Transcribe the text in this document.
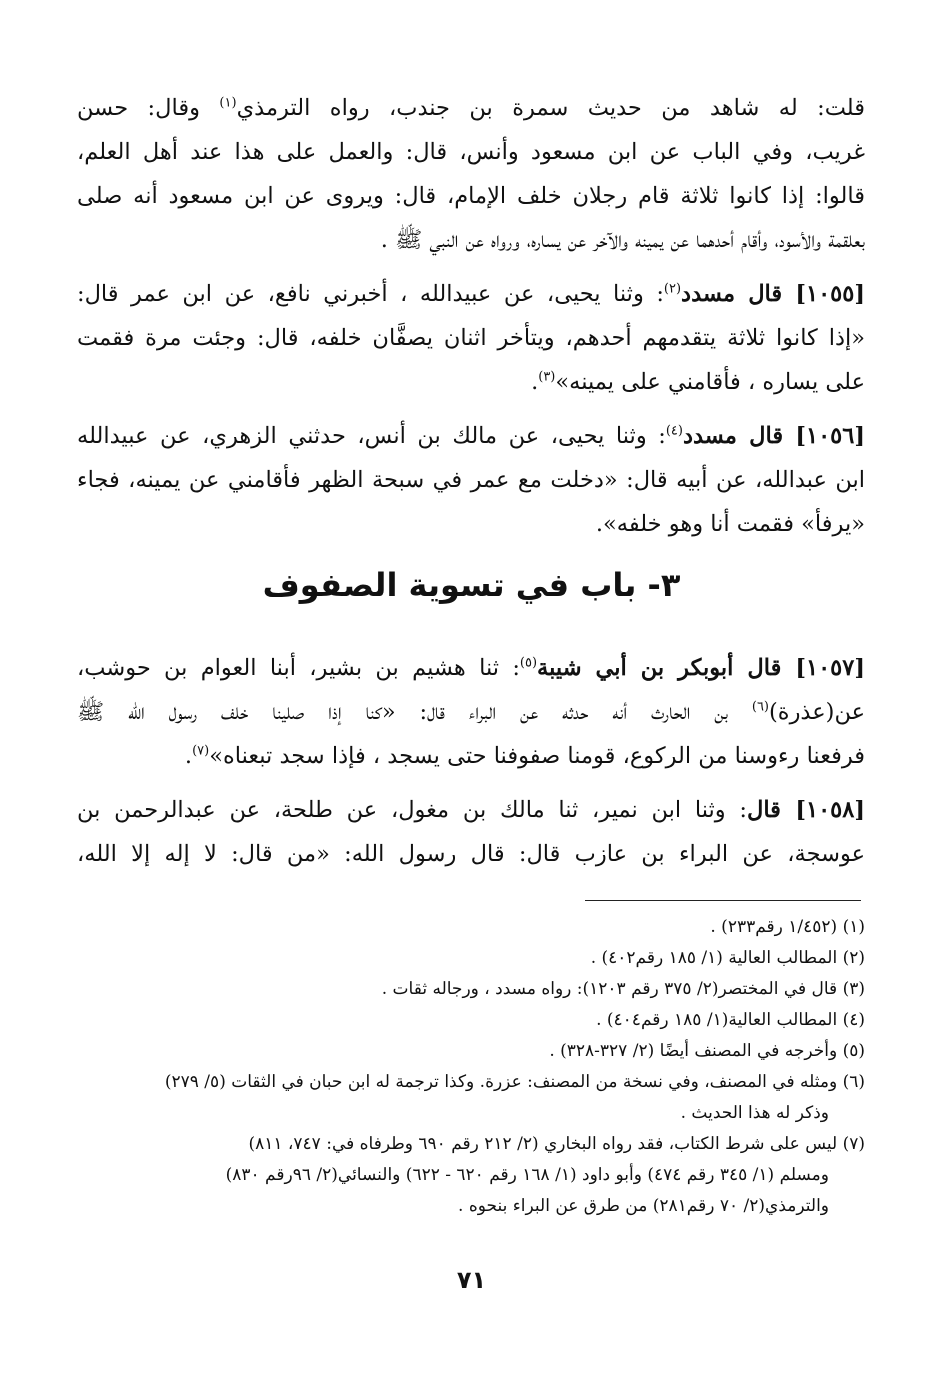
قلت: له شاهد من حديث سمرة بن جندب، رواه الترمذي$^{(١)}$ وقال: حسن
غريب، وفي الباب عن ابن مسعود وأنس، قال: والعمل على هذا عند أهل العلم،
قالوا: إذا كانوا ثلاثة قام رجلان خلف الإمام، قال: ويروى عن ابن مسعود أنه صلى
بعلقمة والأسود، وأقام أحدهما عن يمينه والآخر عن يساره، ورواه عن النبي ﷺ .

[١٠٥٥] قال مسدد$^{(٢)}$: وثنا يحيى، عن عبيدالله ، أخبرني نافع، عن ابن عمر قال:
«إذا كانوا ثلاثة يتقدمهم أحدهم، ويتأخر اثنان يصفَّان خلفه، قال: وجئت مرة فقمت
على يساره ، فأقامني على يمينه»$^{(٣)}$.

[١٠٥٦] قال مسدد$^{(٤)}$: وثنا يحيى، عن مالك بن أنس، حدثني الزهري، عن عبيدالله
ابن عبدالله، عن أبيه قال: «دخلت مع عمر في سبحة الظهر فأقامني عن يمينه، فجاء
«يرفأ» فقمت أنا وهو خلفه».

٣- باب في تسوية الصفوف

[١٠٥٧] قال أبوبكر بن أبي شيبة$^{(٥)}$: ثنا هشيم بن بشير، أبنا العوام بن حوشب،
عن(عذرة)$^{(٦)}$ بن الحارث أنه حدثه عن البراء قال: «كنا إذا صلينا خلف رسول الله ﷺ
فرفعنا رءوسنا من الركوع، قومنا صفوفنا حتى يسجد ، فإذا سجد تبعناه»$^{(٧)}$.

[١٠٥٨] قال: وثنا ابن نمير، ثنا مالك بن مغول، عن طلحة، عن عبدالرحمن بن
عوسجة، عن البراء بن عازب قال: قال رسول الله: «من قال: لا إله إلا الله،

(١) (١/٤٥٢ رقم٢٣٣) .

(٢) المطالب العالية (١/ ١٨٥ رقم٤٠٢) .

(٣) قال في المختصر(٢/ ٣٧٥ رقم ١٢٠٣): رواه مسدد ، ورجاله ثقات .

(٤) المطالب العالية(١/ ١٨٥ رقم٤٠٤) .

(٥) وأخرجه في المصنف أيضًا (٢/ ٣٢٧-٣٢٨) .

(٦) ومثله في المصنف، وفي نسخة من المصنف: عزرة. وكذا ترجمة له ابن حبان في الثقات (٥/ ٢٧٩)
وذكر له هذا الحديث .

(٧) ليس على شرط الكتاب، فقد رواه البخاري (٢/ ٢١٢ رقم ٦٩٠ وطرفاه في: ٧٤٧، ٨١١)
ومسلم (١/ ٣٤٥ رقم ٤٧٤) وأبو داود (١/ ١٦٨ رقم ٦٢٠ - ٦٢٢) والنسائي(٢/ ٩٦رقم ٨٣٠)
والترمذي(٢/ ٧٠ رقم٢٨١) من طرق عن البراء بنحوه .

٧١
